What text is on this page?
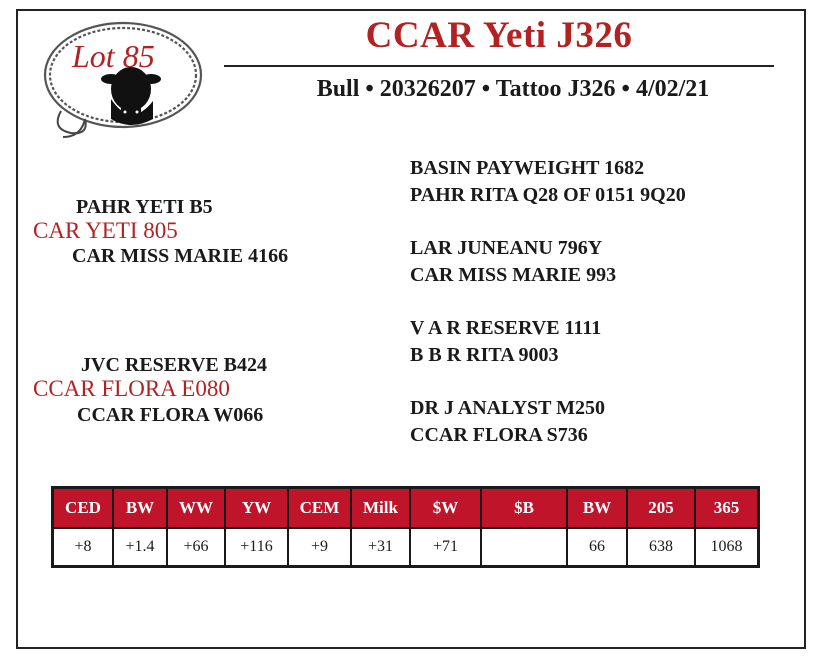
Lot 85	CCAR Yeti J326
Bull • 20326207 • Tattoo J326 • 4/02/21
PAHR YETI B5
CAR YETI 805
CAR MISS MARIE 4166
JVC RESERVE B424
CCAR FLORA E080
CCAR FLORA W066
BASIN PAYWEIGHT 1682
PAHR RITA Q28 OF 0151 9Q20
LAR JUNEANU 796Y
CAR MISS MARIE 993
V A R RESERVE 1111
B B R RITA 9003
DR J ANALYST M250
CCAR FLORA S736
CED	BW	WW	YW	CEM	Milk	$W	$B	BW	205	365
+8	+1.4	+66	+116	+9	+31	+71		66	638	1068
